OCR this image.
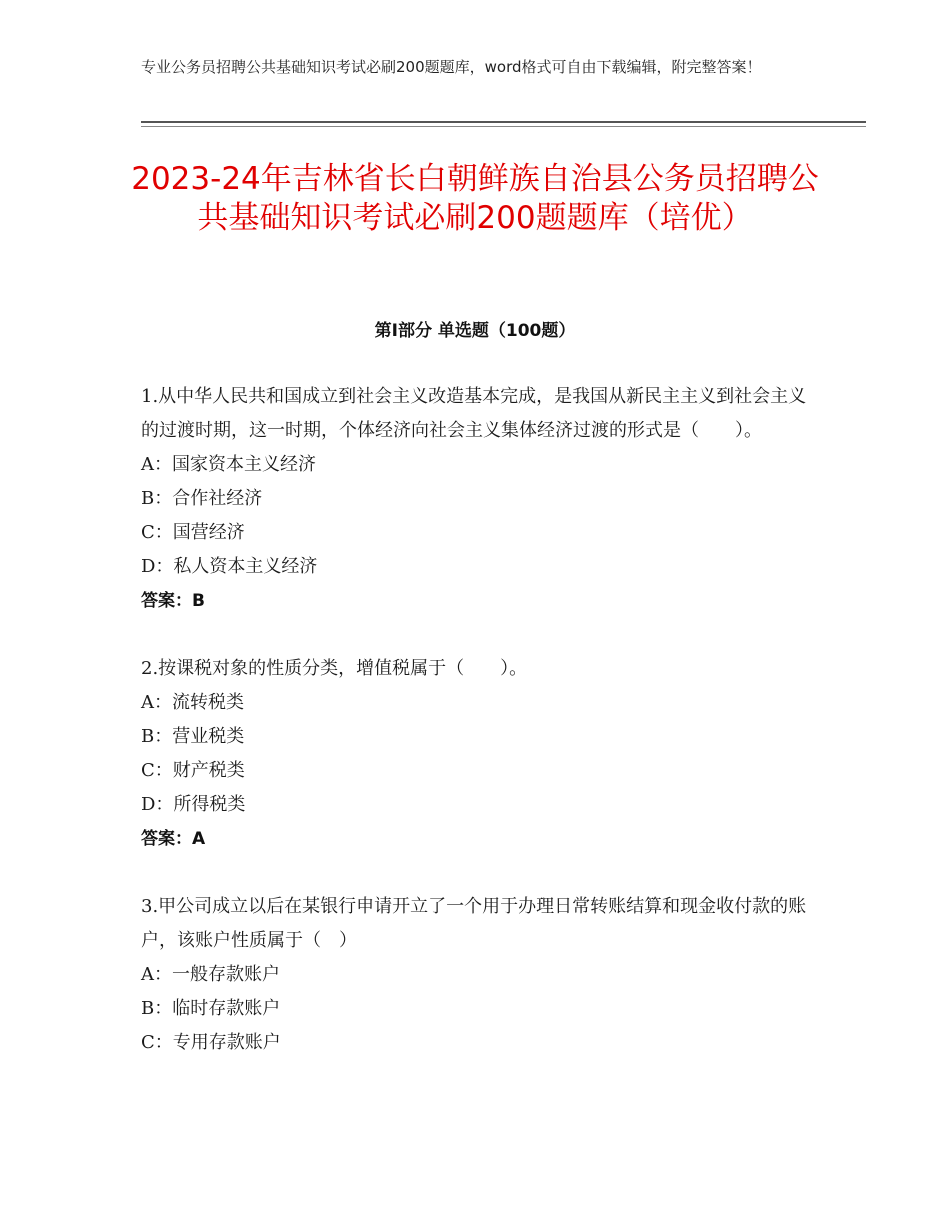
专业公务员招聘公共基础知识考试必刷200题题库，word格式可自由下载编辑，附完整答案！
2023-24年吉林省长白朝鲜族自治县公务员招聘公共基础知识考试必刷200题题库（培优）
第I部分 单选题（100题）
1.从中华人民共和国成立到社会主义改造基本完成，是我国从新民主主义到社会主义的过渡时期，这一时期，个体经济向社会主义集体经济过渡的形式是（　　）。
A：国家资本主义经济
B：合作社经济
C：国营经济
D：私人资本主义经济
答案：B
2.按课税对象的性质分类，增值税属于（　　）。
A：流转税类
B：营业税类
C：财产税类
D：所得税类
答案：A
3.甲公司成立以后在某银行申请开立了一个用于办理日常转账结算和现金收付款的账户，该账户性质属于（　）
A：一般存款账户
B：临时存款账户
C：专用存款账户
